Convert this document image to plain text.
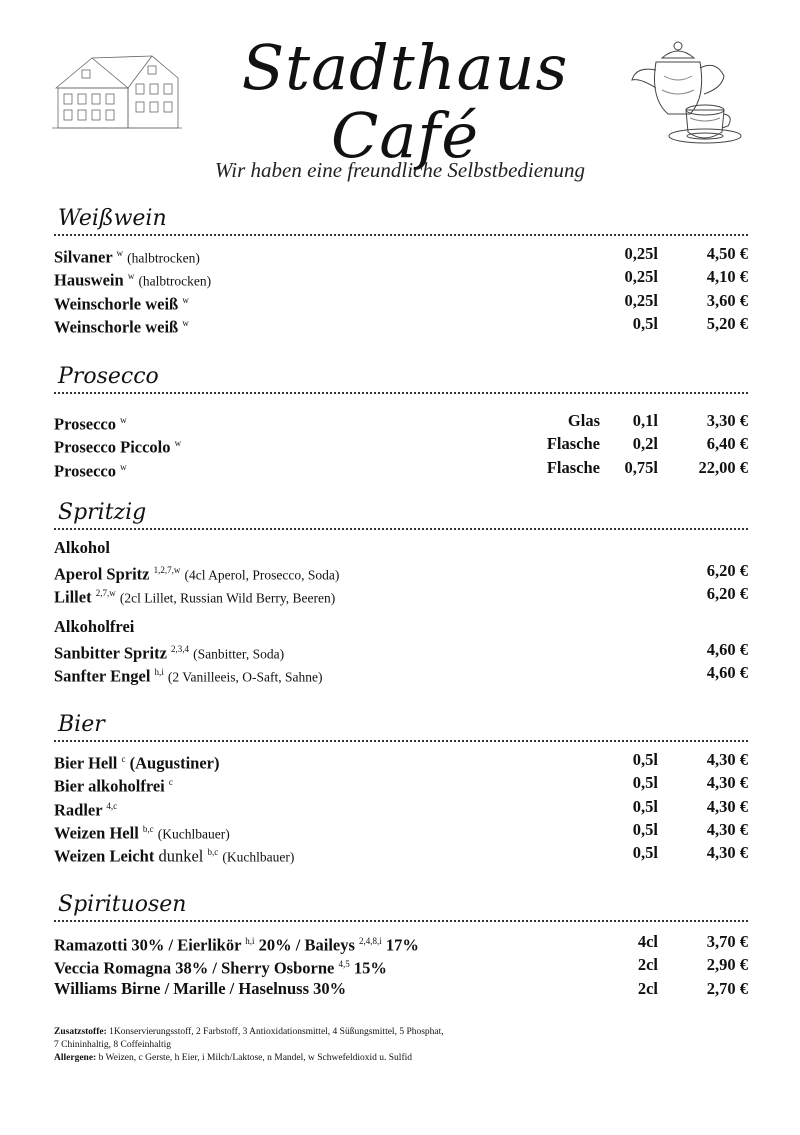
Stadthaus Café
Wir haben eine freundliche Selbstbedienung
Weißwein
Silvaner $^w$ (halbtrocken)	0,25l	4,50 €
Hauswein $^w$ (halbtrocken)	0,25l	4,10 €
Weinschorle weiß $^w$	0,25l	3,60 €
Weinschorle weiß $^w$	0,5l	5,20 €
Prosecco
Prosecco $^w$	Glas 0,1l	3,30 €
Prosecco Piccolo $^w$	Flasche 0,2l	6,40 €
Prosecco $^w$	Flasche 0,75l 22,00 €
Spritzig
Alkohol
Aperol Spritz $^{1,2,7,w}$ (4cl Aperol, Prosecco, Soda)	6,20 €
Lillet $^{2,7,w}$ (2cl Lillet, Russian Wild Berry, Beeren)	6,20 €
Alkoholfrei
Sanbitter Spritz $^{2,3,4}$ (Sanbitter, Soda)	4,60 €
Sanfter Engel $^{h,i}$ (2 Vanilleeis, O-Saft, Sahne)	4,60 €
Bier
Bier Hell $^c$ (Augustiner)	0,5l	4,30 €
Bier alkoholfrei $^c$	0,5l	4,30 €
Radler $^{4,c}$	0,5l	4,30 €
Weizen Hell $^{b,c}$ (Kuchlbauer)	0,5l	4,30 €
Weizen Leicht dunkel $^{b,c}$ (Kuchlbauer)	0,5l	4,30 €
Spirituosen
Ramazotti 30% / Eierlikör $^{h,i}$ 20% / Baileys $^{2,4,8,i}$ 17%	4cl	3,70 €
Veccia Romagna 38% / Sherry Osborne $^{4,5}$ 15%	2cl	2,90 €
Williams Birne / Marille / Haselnuss 30%	2cl	2,70 €
Zusatzstoffe: 1Konservierungsstoff, 2 Farbstoff, 3 Antioxidationsmittel, 4 Süßungsmittel, 5 Phosphat,
7 Chininhaltig, 8 Coffeinhaltig
Allergene: b Weizen, c Gerste, h Eier, i Milch/Laktose, n Mandel, w Schwefeldioxid u. Sulfid
